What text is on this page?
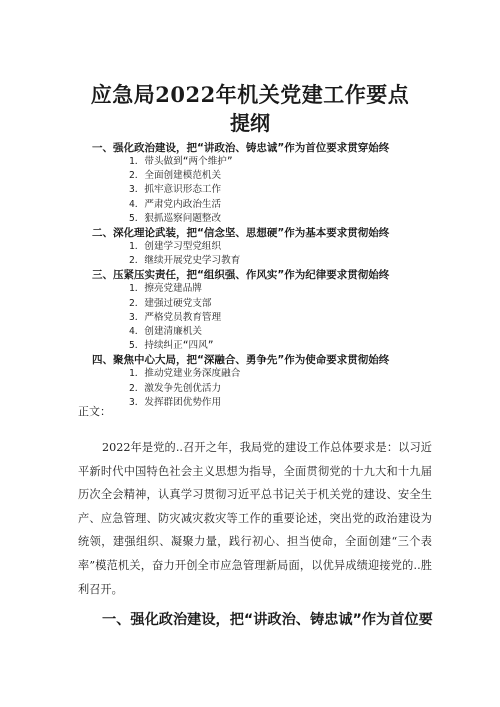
应急局2022年机关党建工作要点
提纲
一、强化政治建设，把“讲政治、铸忠诚”作为首位要求贯穿始终
1．带头做到“两个维护”
2．全面创建模范机关
3．抓牢意识形态工作
4．严肃党内政治生活
5．狠抓巡察问题整改
二、深化理论武装，把“信念坚、思想硬”作为基本要求贯彻始终
1．创建学习型党组织
2．继续开展党史学习教育
三、压紧压实责任，把“组织强、作风实”作为纪律要求贯彻始终
1．擦亮党建品牌
2．建强过硬党支部
3．严格党员教育管理
4．创建清廉机关
5．持续纠正“四风”
四、聚焦中心大局，把“深融合、勇争先”作为使命要求贯彻始终
1．推动党建业务深度融合
2．激发争先创优活力
3．发挥群团优势作用
正文：
2022年是党的..召开之年，我局党的建设工作总体要求是：以习近平新时代中国特色社会主义思想为指导，全面贯彻党的十九大和十九届历次全会精神，认真学习贯彻习近平总书记关于机关党的建设、安全生产、应急管理、防灾减灾救灾等工作的重要论述，突出党的政治建设为统领，建强组织、凝聚力量，践行初心、担当使命，全面创建“三个表率”模范机关，奋力开创全市应急管理新局面，以优异成绩迎接党的..胜利召开。
一、强化政治建设，把“讲政治、铸忠诚”作为首位要
